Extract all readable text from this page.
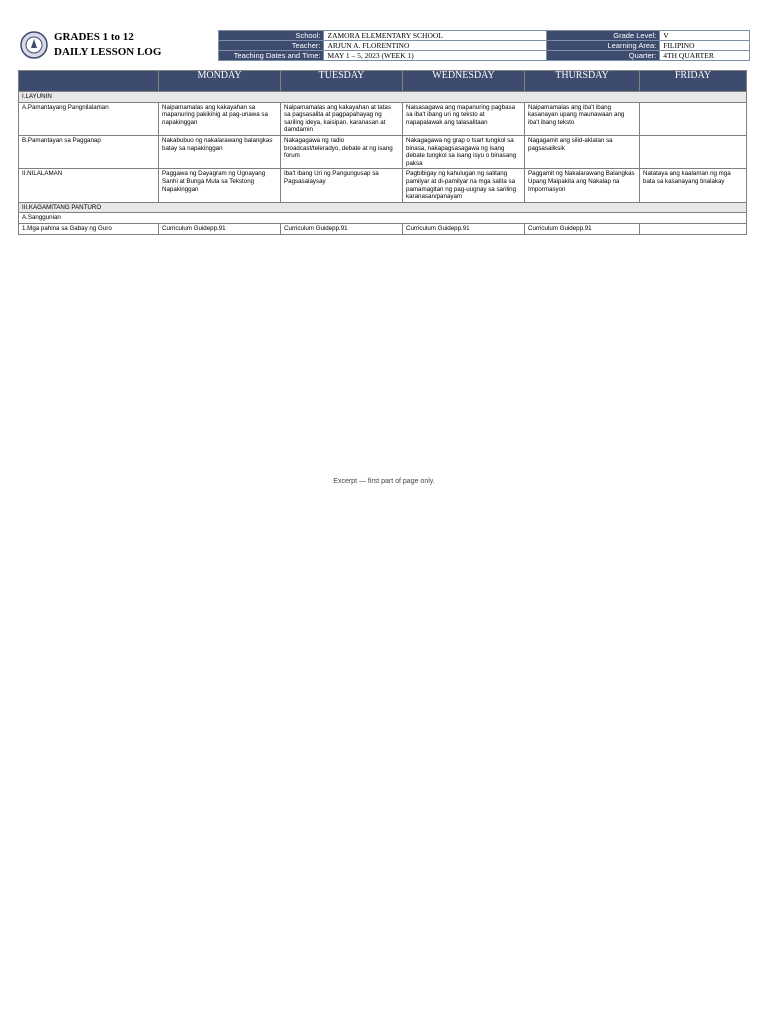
GRADES 1 to 12
DAILY LESSON LOG
School:	ZAMORA ELEMENTARY SCHOOL	Grade Level:	V
Teacher:	ARJUN A. FLORENTINO	Learning Area:	FILIPINO
Teaching Dates and Time:	MAY 1 – 5, 2023 (WEEK 1)	Quarter:	4TH QUARTER
	MONDAY	TUESDAY	WEDNESDAY	THURSDAY	FRIDAY
I.LAYUNIN					
A.Pamantayang Pangnilalaman	Naipamamalas ang kakayahan sa mapanuring pakikinig at pag-unawa sa napakinggan	Naipamamalas ang kakayahan at tatas sa pagsasalita at pagpapahayag ng sariling ideya, kaisipan, karanasan at damdamin	Naisasagawa ang mapanuring pagbasa sa iba't ibang uri ng teksto at napapalawak ang talasalitaan	Naipamamalas ang iba't ibang kasanayan upang maunawaan ang iba't ibang teksto	
B.Pamantayan sa Pagganap	Nakabubuo ng nakalarawang balangkas batay sa napakinggan	Nakagagawa ng radio broadcast/teleradyo, debate at ng isang forum	Nakagagawa ng grap o tsart tungkol sa binasa, nakapagsasagawa ng isang debate tungkol sa isang isyu o binasang paksa	Nagagamit ang silid-aklatan sa pagsasaliksik	
II.NILALAMAN	Paggawa ng Dayagram ng Ugnayang Sanhi at Bunga Mula sa Tekstong Napakinggan	Iba't ibang Uri ng Pangungusap sa Pagsasalaysay	Pagbibigay ng kahulugan ng salitang pamilyar at di-pamilyar na mga salita sa pamamagitan ng pag-uugnay sa sariling karanasan/panayam	Paggamit ng Nakalarawang Balangkas Upang Maipakita ang Nakalap na Impormasyon	Natataya ang kaalaman ng mga bata sa kasanayang tinalakay
III.KAGAMITANG PANTURO					
A.Sanggunian					
1.Mga pahina sa Gabay ng Guro	Curriculum Guidepp.91	Curriculum Guidepp.91	Curriculum Guidepp.91	Curriculum Guidepp.91	
Excerpt — first part of page only.
